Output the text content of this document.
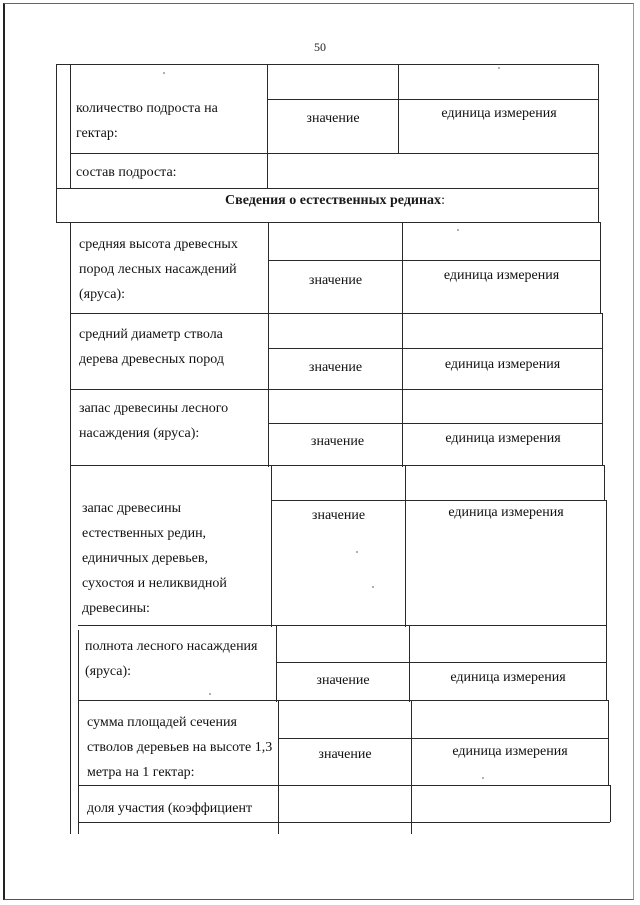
50
количество подроста на гектар:
значение	единица измерения
состав подроста:
Сведения о естественных рединах:
средняя высота древесных пород лесных насаждений (яруса):
значение	единица измерения
средний диаметр ствола дерева древесных пород
значение	единица измерения
запас древесины лесного насаждения (яруса):
значение	единица измерения
запас древесины естественных редин, единичных деревьев, сухостоя и неликвидной древесины:
значение	единица измерения
полнота лесного насаждения (яруса):
значение	единица измерения
сумма площадей сечения стволов деревьев на высоте 1,3 метра на 1 гектар:
значение	единица измерения
доля участия (коэффициент
